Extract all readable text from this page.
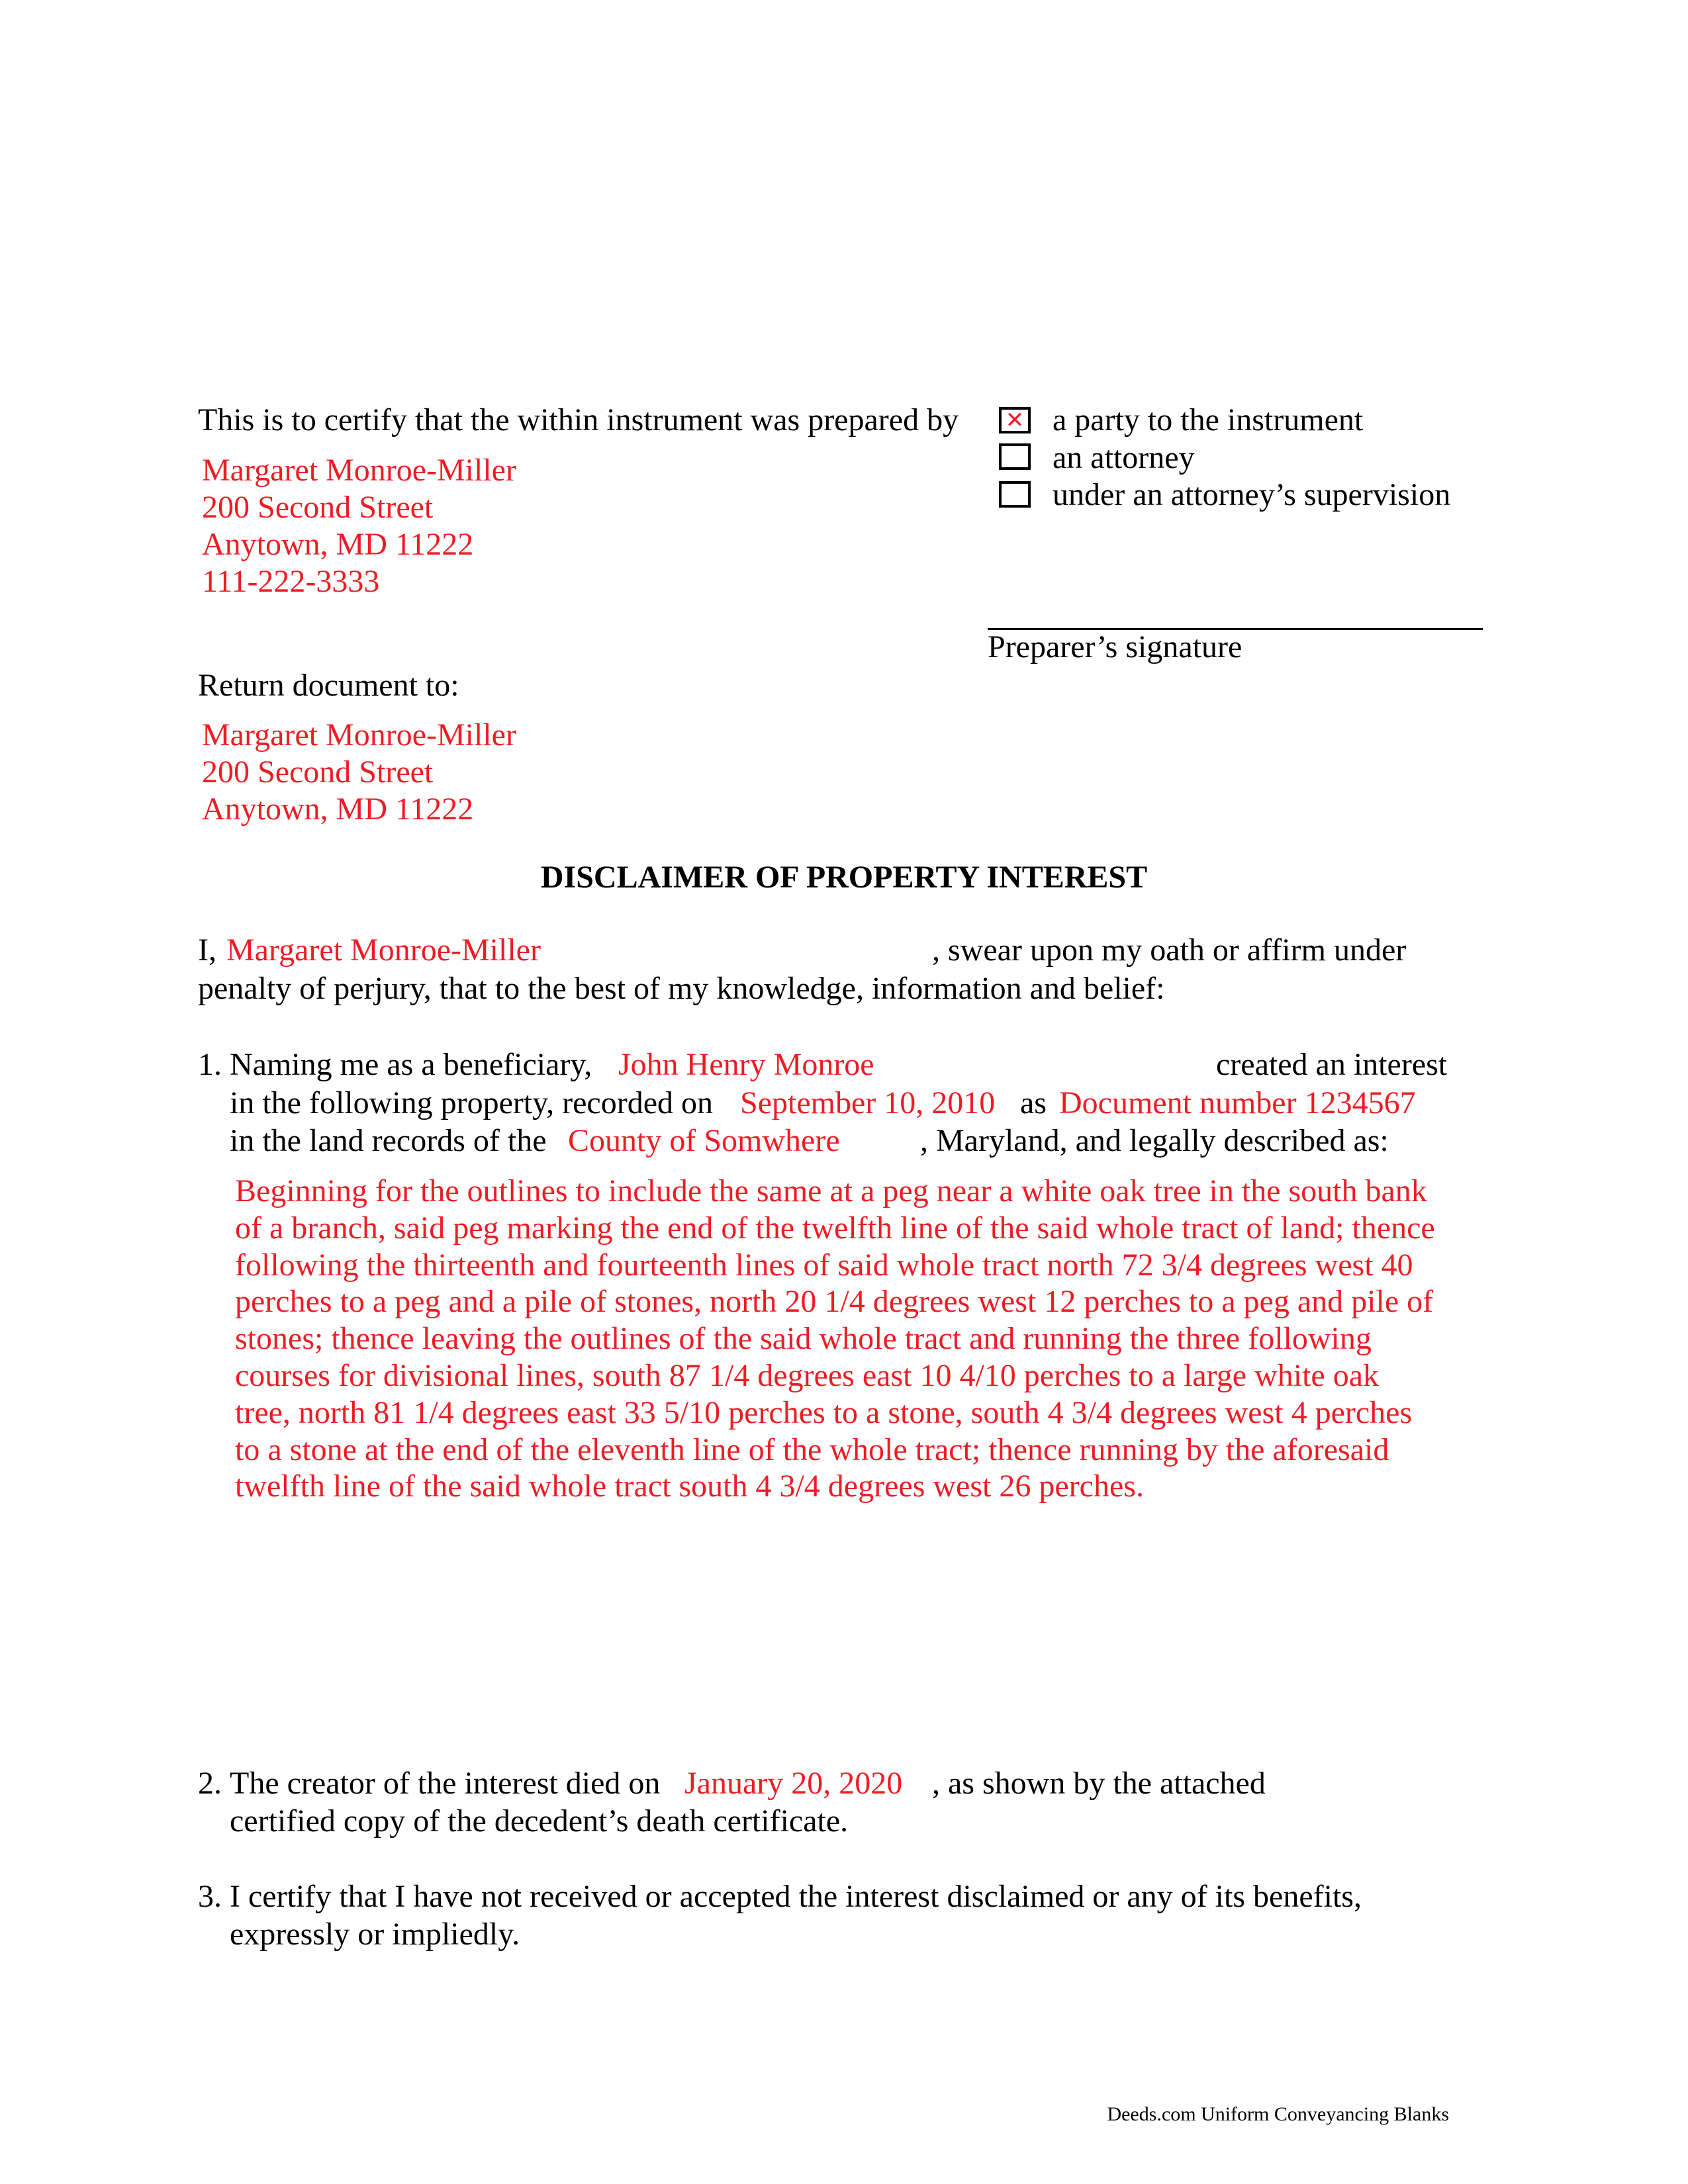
This is to certify that the within instrument was prepared by ✕ a party to the instrument
an attorney
under an attorney’s supervision
Margaret Monroe-Miller
200 Second Street
Anytown, MD 11222
111-222-3333
Preparer’s signature
Return document to:
Margaret Monroe-Miller
200 Second Street
Anytown, MD 11222
DISCLAIMER OF PROPERTY INTEREST
I, Margaret Monroe-Miller	, swear upon my oath or affirm under
penalty of perjury, that to the best of my knowledge, information and belief:
1. Naming me as a beneficiary, John Henry Monroe	created an interest
in the following property, recorded on September 10, 2010 as Document number 1234567
in the land records of the County of Somwhere	, Maryland, and legally described as:
Beginning for the outlines to include the same at a peg near a white oak tree in the south bank
of a branch, said peg marking the end of the twelfth line of the said whole tract of land; thence
following the thirteenth and fourteenth lines of said whole tract north 72 3/4 degrees west 40
perches to a peg and a pile of stones, north 20 1/4 degrees west 12 perches to a peg and pile of
stones; thence leaving the outlines of the said whole tract and running the three following
courses for divisional lines, south 87 1/4 degrees east 10 4/10 perches to a large white oak
tree, north 81 1/4 degrees east 33 5/10 perches to a stone, south 4 3/4 degrees west 4 perches
to a stone at the end of the eleventh line of the whole tract; thence running by the aforesaid
twelfth line of the said whole tract south 4 3/4 degrees west 26 perches.
2. The creator of the interest died on January 20, 2020 , as shown by the attached
certified copy of the decedent’s death certificate.
3. I certify that I have not received or accepted the interest disclaimed or any of its benefits,
expressly or impliedly.
Deeds.com Uniform Conveyancing Blanks
